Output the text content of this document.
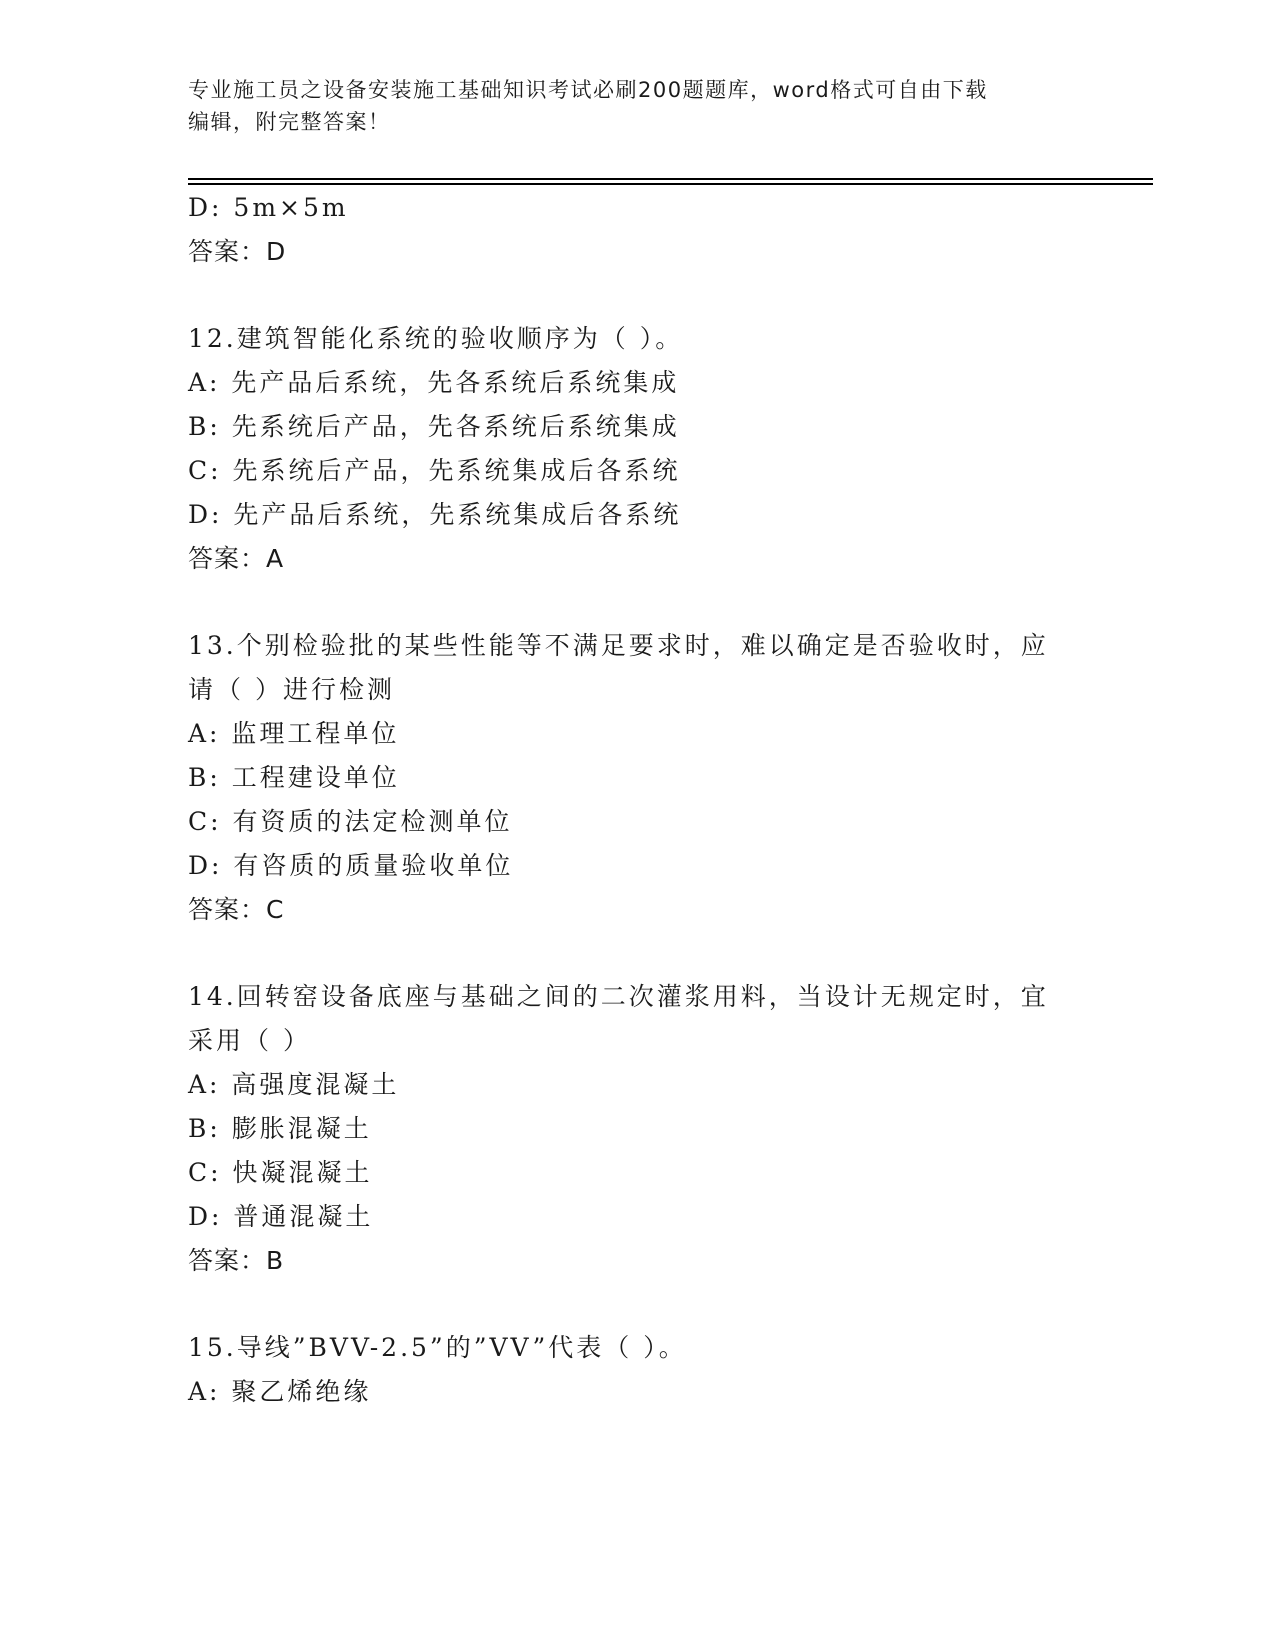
专业施工员之设备安装施工基础知识考试必刷200题题库，word格式可自由下载
编辑，附完整答案！
D: 5m×5m
答案：D
12.建筑智能化系统的验收顺序为（ ）。
A: 先产品后系统，先各系统后系统集成
B: 先系统后产品，先各系统后系统集成
C: 先系统后产品，先系统集成后各系统
D: 先产品后系统，先系统集成后各系统
答案：A
13.个别检验批的某些性能等不满足要求时，难以确定是否验收时，应
请（ ）进行检测
A: 监理工程单位
B: 工程建设单位
C: 有资质的法定检测单位
D: 有咨质的质量验收单位
答案：C
14.回转窑设备底座与基础之间的二次灌浆用料，当设计无规定时，宜
采用（ ）
A: 高强度混凝土
B: 膨胀混凝土
C: 快凝混凝土
D: 普通混凝土
答案：B
15.导线”BVV-2.5”的”VV”代表（ ）。
A: 聚乙烯绝缘
